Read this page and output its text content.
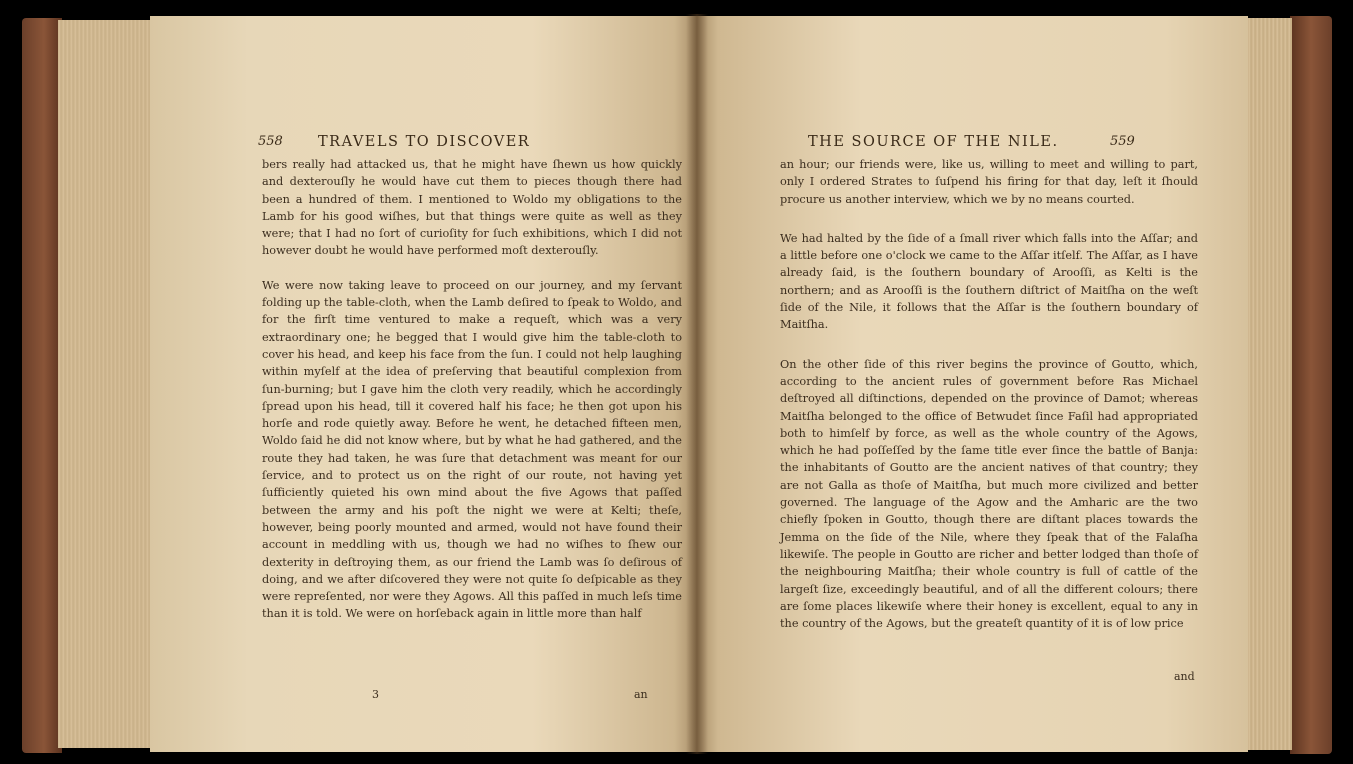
558 TRAVELS TO DISCOVER

bers really had attacked us, that he might have ſhewn us how quickly and dexterouſly he would have cut them to pieces though there had been a hundred of them. I mentioned to Woldo my obligations to the Lamb for his good wiſhes, but that things were quite as well as they were; that I had no ſort of curioſity for ſuch exhibitions, which I did not however doubt he would have performed moſt dexterouſly.

We were now taking leave to proceed on our journey, and my ſervant folding up the table-cloth, when the Lamb deſired to ſpeak to Woldo, and for the firſt time ventured to make a requeſt, which was a very extraordinary one; he begged that I would give him the table-cloth to cover his head, and keep his face from the ſun. I could not help laughing within myſelf at the idea of preſerving that beautiful complexion from ſun-burning; but I gave him the cloth very readily, which he accordingly ſpread upon his head, till it covered half his face; he then got upon his horſe and rode quietly away. Before he went, he detached fifteen men, Woldo ſaid he did not know where, but by what he had gathered, and the route they had taken, he was ſure that detachment was meant for our ſervice, and to protect us on the right of our route, not having yet ſufficiently quieted his own mind about the five Agows that paſſed between the army and his poſt the night we were at Kelti; theſe, however, being poorly mounted and armed, would not have found their account in meddling with us, though we had no wiſhes to ſhew our dexterity in deſtroying them, as our friend the Lamb was ſo deſirous of doing, and we after diſcovered they were not quite ſo deſpicable as they were repreſented, nor were they Agows. All this paſſed in much leſs time than it is told. We were on horſeback again in little more than half

3	an
THE SOURCE OF THE NILE.	559

an hour; our friends were, like us, willing to meet and willing to part, only I ordered Strates to ſuſpend his firing for that day, leſt it ſhould procure us another interview, which we by no means courted.

We had halted by the ſide of a ſmall river which falls into the Aſſar; and a little before one o'clock we came to the Aſſar itſelf. The Aſſar, as I have already ſaid, is the ſouthern boundary of Arooſſi, as Kelti is the northern; and as Arooſſi is the ſouthern diſtrict of Maitſha on the weſt ſide of the Nile, it follows that the Aſſar is the ſouthern boundary of Maitſha.

On the other ſide of this river begins the province of Goutto, which, according to the ancient rules of government before Ras Michael deſtroyed all diſtinctions, depended on the province of Damot; whereas Maitſha belonged to the office of Betwudet ſince Faſil had appropriated both to himſelf by force, as well as the whole country of the Agows, which he had poſſeſſed by the ſame title ever ſince the battle of Banja: the inhabitants of Goutto are the ancient natives of that country; they are not Galla as thoſe of Maitſha, but much more civilized and better governed. The language of the Agow and the Amharic are the two chiefly ſpoken in Goutto, though there are diſtant places towards the Jemma on the ſide of the Nile, where they ſpeak that of the Falaſha likewiſe. The people in Goutto are richer and better lodged than thoſe of the neighbouring Maitſha; their whole country is full of cattle of the largeſt ſize, exceedingly beautiful, and of all the different colours; there are ſome places likewiſe where their honey is excellent, equal to any in the country of the Agows, but the greateſt quantity of it is of low price

and
